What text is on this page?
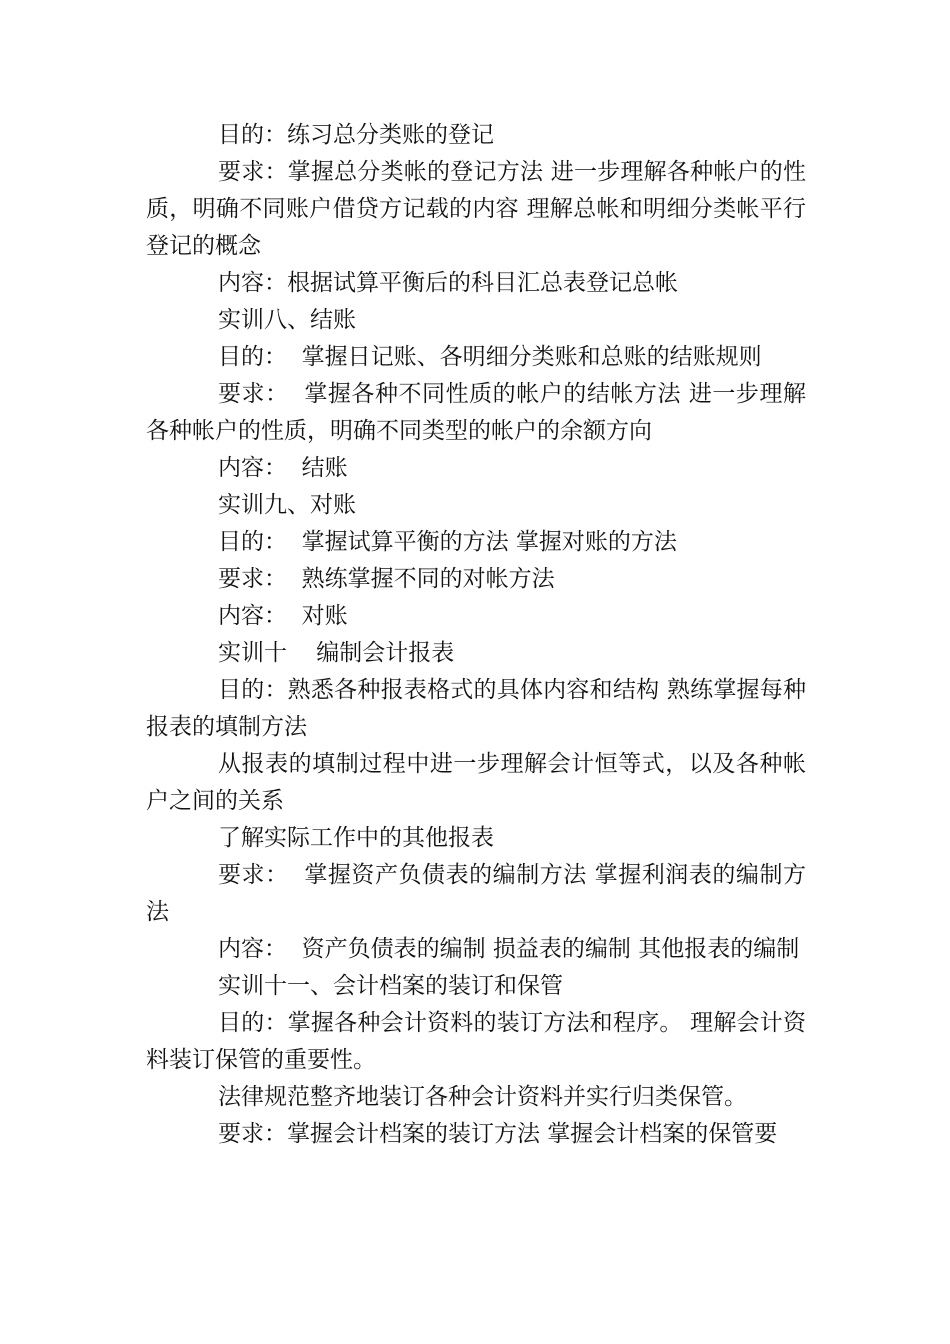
目的：练习总分类账的登记

要求：掌握总分类帐的登记方法 进一步理解各种帐户的性质，明确不同账户借贷方记载的内容 理解总帐和明细分类帐平行登记的概念

内容：根据试算平衡后的科目汇总表登记总帐

实训八、结账

目的：  掌握日记账、各明细分类账和总账的结账规则

要求：  掌握各种不同性质的帐户的结帐方法 进一步理解各种帐户的性质，明确不同类型的帐户的余额方向

内容：  结账

实训九、对账

目的：  掌握试算平衡的方法 掌握对账的方法

要求：  熟练掌握不同的对帐方法

内容：  对账

实训十    编制会计报表

目的：熟悉各种报表格式的具体内容和结构 熟练掌握每种报表的填制方法

从报表的填制过程中进一步理解会计恒等式，以及各种帐户之间的关系

了解实际工作中的其他报表

要求：  掌握资产负债表的编制方法 掌握利润表的编制方法

内容：  资产负债表的编制 损益表的编制 其他报表的编制

实训十一、会计档案的装订和保管

目的：掌握各种会计资料的装订方法和程序。 理解会计资料装订保管的重要性。

法律规范整齐地装订各种会计资料并实行归类保管。

要求：掌握会计档案的装订方法 掌握会计档案的保管要
